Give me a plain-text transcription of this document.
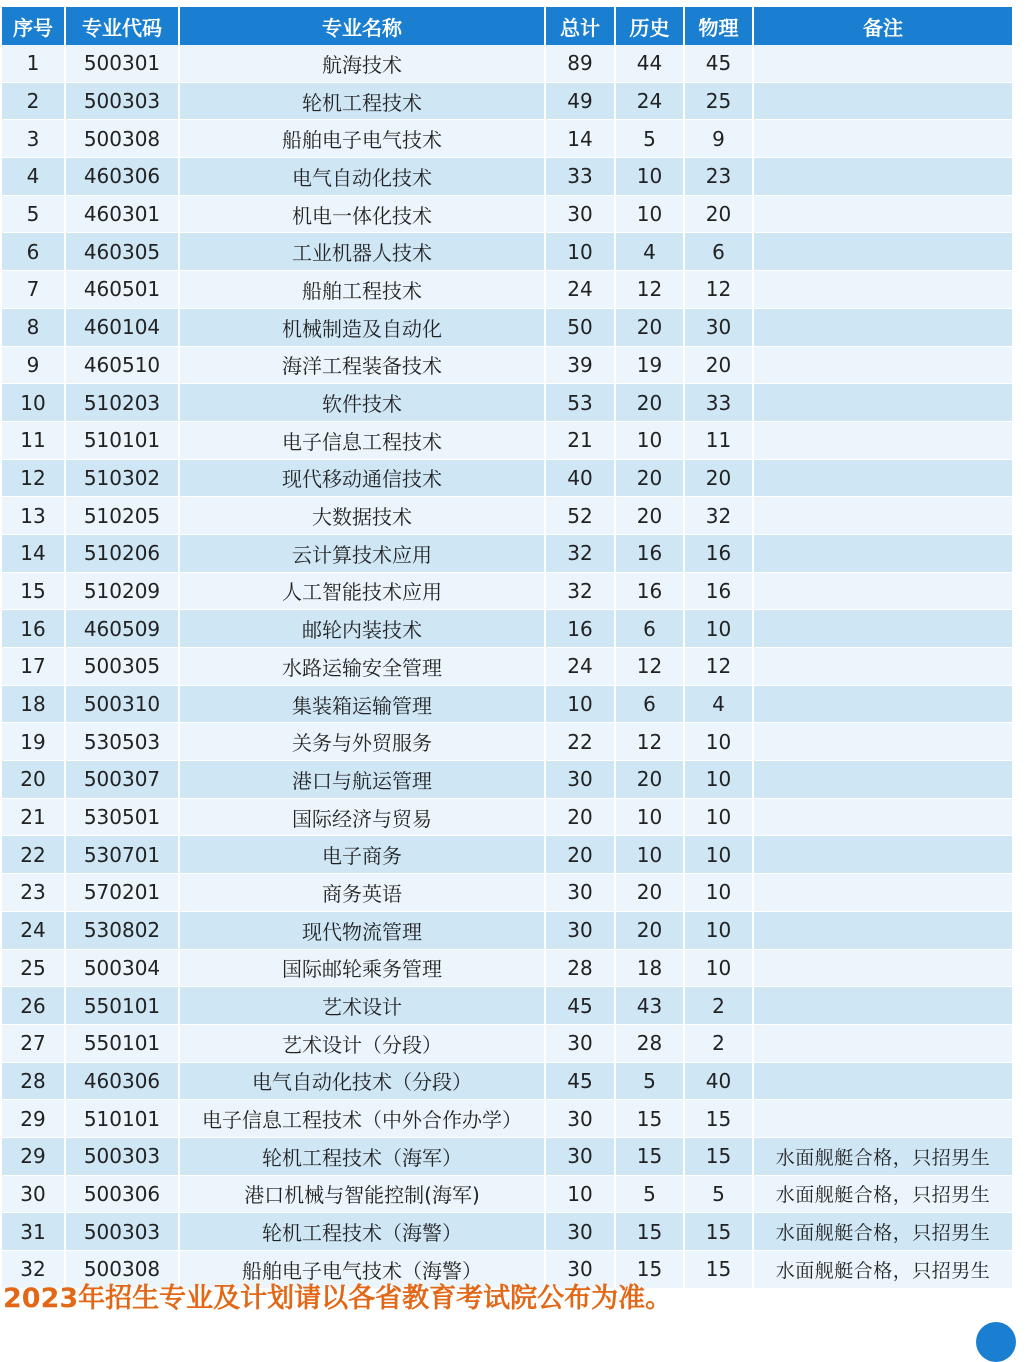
序号	专业代码	专业名称	总计	历史	物理	备注
1	500301	航海技术	89	44	45	
2	500303	轮机工程技术	49	24	25	
3	500308	船舶电子电气技术	14	5	9	
4	460306	电气自动化技术	33	10	23	
5	460301	机电一体化技术	30	10	20	
6	460305	工业机器人技术	10	4	6	
7	460501	船舶工程技术	24	12	12	
8	460104	机械制造及自动化	50	20	30	
9	460510	海洋工程装备技术	39	19	20	
10	510203	软件技术	53	20	33	
11	510101	电子信息工程技术	21	10	11	
12	510302	现代移动通信技术	40	20	20	
13	510205	大数据技术	52	20	32	
14	510206	云计算技术应用	32	16	16	
15	510209	人工智能技术应用	32	16	16	
16	460509	邮轮内装技术	16	6	10	
17	500305	水路运输安全管理	24	12	12	
18	500310	集装箱运输管理	10	6	4	
19	530503	关务与外贸服务	22	12	10	
20	500307	港口与航运管理	30	20	10	
21	530501	国际经济与贸易	20	10	10	
22	530701	电子商务	20	10	10	
23	570201	商务英语	30	20	10	
24	530802	现代物流管理	30	20	10	
25	500304	国际邮轮乘务管理	28	18	10	
26	550101	艺术设计	45	43	2	
27	550101	艺术设计（分段）	30	28	2	
28	460306	电气自动化技术（分段）	45	5	40	
29	510101	电子信息工程技术（中外合作办学）	30	15	15	
29	500303	轮机工程技术（海军）	30	15	15	水面舰艇合格，只招男生
30	500306	港口机械与智能控制(海军)	10	5	5	水面舰艇合格，只招男生
31	500303	轮机工程技术（海警）	30	15	15	水面舰艇合格，只招男生
32	500308	船舶电子电气技术（海警）	30	15	15	水面舰艇合格，只招男生
2023年招生专业及计划请以各省教育考试院公布为准。
